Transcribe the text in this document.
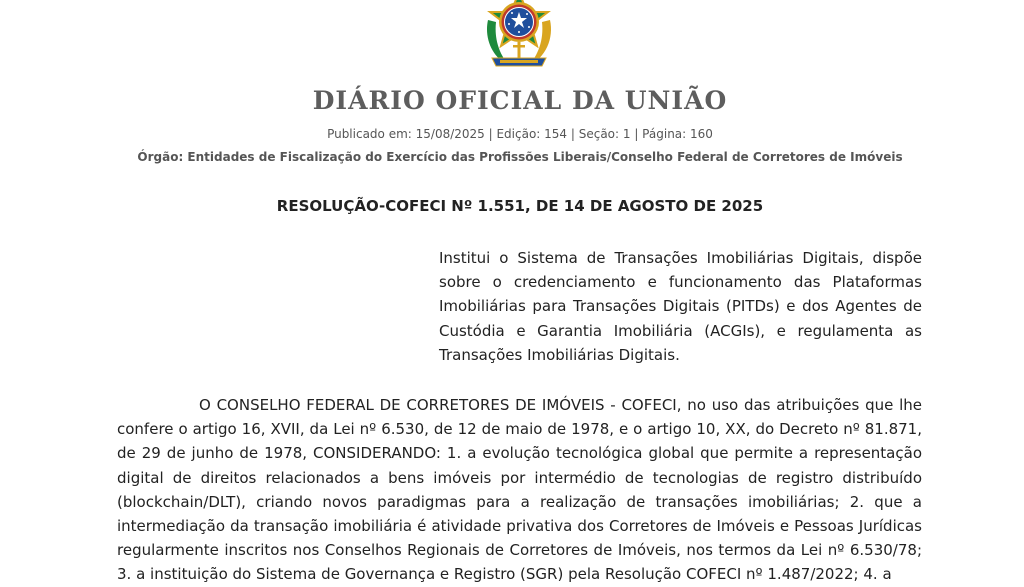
DIÁRIO OFICIAL DA UNIÃO
Publicado em: 15/08/2025 | Edição: 154 | Seção: 1 | Página: 160
Órgão: Entidades de Fiscalização do Exercício das Profissões Liberais/Conselho Federal de Corretores de Imóveis
RESOLUÇÃO-COFECI Nº 1.551, DE 14 DE AGOSTO DE 2025
Institui o Sistema de Transações Imobiliárias Digitais, dispõe sobre o credenciamento e funcionamento das Plataformas Imobiliárias para Transações Digitais (PITDs) e dos Agentes de Custódia e Garantia Imobiliária (ACGIs), e regulamenta as Transações Imobiliárias Digitais.

O CONSELHO FEDERAL DE CORRETORES DE IMÓVEIS - COFECI, no uso das atribuições que lhe confere o artigo 16, XVII, da Lei nº 6.530, de 12 de maio de 1978, e o artigo 10, XX, do Decreto nº 81.871, de 29 de junho de 1978, CONSIDERANDO: 1. a evolução tecnológica global que permite a representação digital de direitos relacionados a bens imóveis por intermédio de tecnologias de registro distribuído (blockchain/DLT), criando novos paradigmas para a realização de transações imobiliárias; 2. que a intermediação da transação imobiliária é atividade privativa dos Corretores de Imóveis e Pessoas Jurídicas regularmente inscritos nos Conselhos Regionais de Corretores de Imóveis, nos termos da Lei nº 6.530/78; 3. a instituição do Sistema de Governança e Registro (SGR) pela Resolução COFECI nº 1.487/2022; 4. a
